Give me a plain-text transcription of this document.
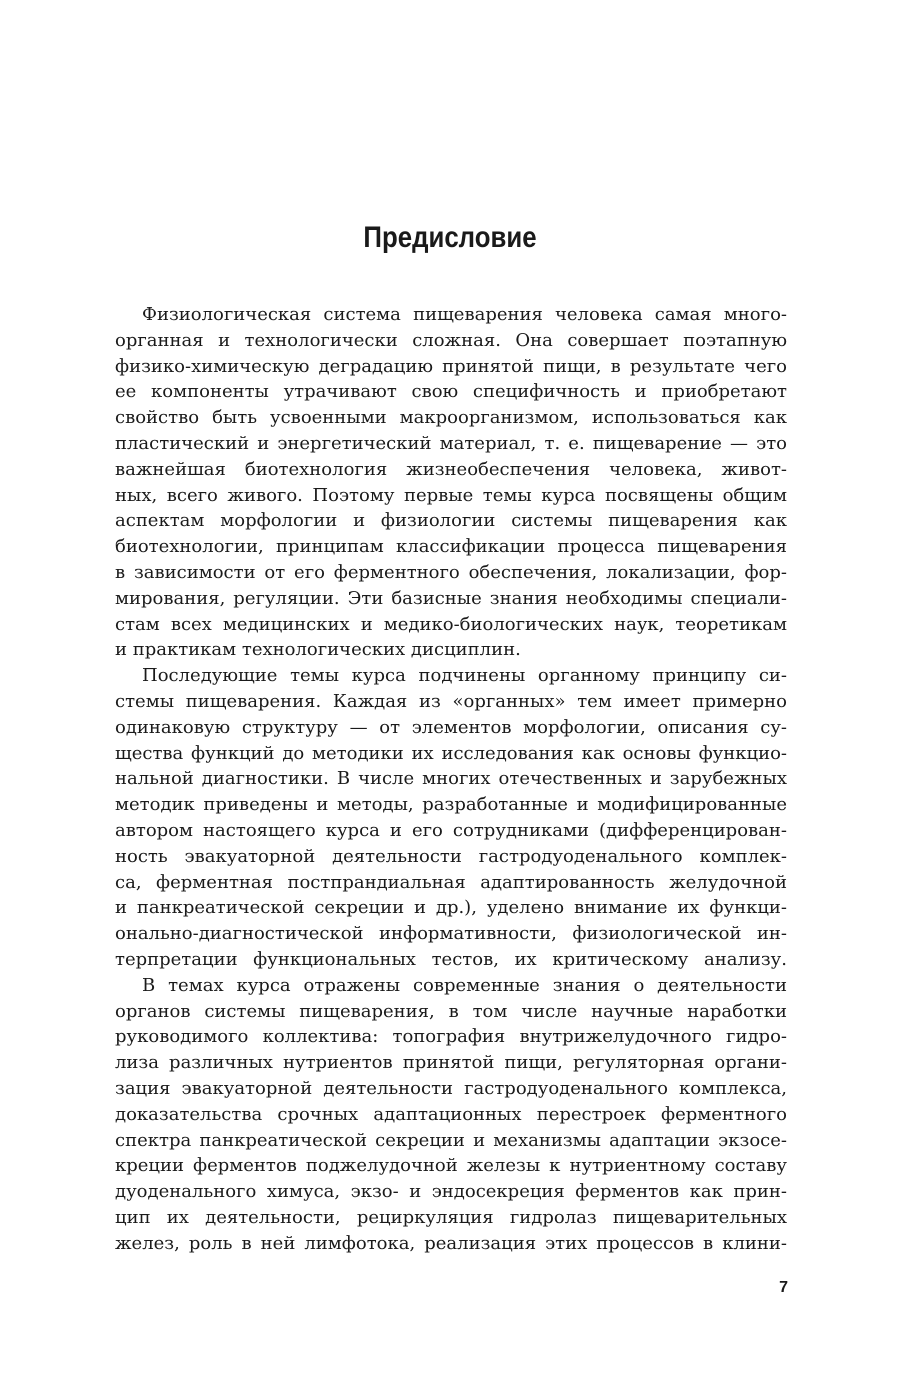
Предисловие

Физиологическая система пищеварения человека самая много-
органная и технологически сложная. Она совершает поэтапную
физико-химическую деградацию принятой пищи, в результате чего
ее компоненты утрачивают свою специфичность и приобретают
свойство быть усвоенными макроорганизмом, использоваться как
пластический и энергетический материал, т. е. пищеварение — это
важнейшая биотехнология жизнеобеспечения человека, живот-
ных, всего живого. Поэтому первые темы курса посвящены общим
аспектам морфологии и физиологии системы пищеварения как
биотехнологии, принципам классификации процесса пищеварения
в зависимости от его ферментного обеспечения, локализации, фор-
мирования, регуляции. Эти базисные знания необходимы специали-
стам всех медицинских и медико-биологических наук, теоретикам
и практикам технологических дисциплин.

Последующие темы курса подчинены органному принципу си-
стемы пищеварения. Каждая из «органных» тем имеет примерно
одинаковую структуру — от элементов морфологии, описания су-
щества функций до методики их исследования как основы функцио-
нальной диагностики. В числе многих отечественных и зарубежных
методик приведены и методы, разработанные и модифицированные
автором настоящего курса и его сотрудниками (дифференцирован-
ность эвакуаторной деятельности гастродуоденального комплек-
са, ферментная постпрандиальная адаптированность желудочной
и панкреатической секреции и др.), уделено внимание их функци-
онально-диагностической информативности, физиологической ин-
терпретации функциональных тестов, их критическому анализу.

В темах курса отражены современные знания о деятельности
органов системы пищеварения, в том числе научные наработки
руководимого коллектива: топография внутрижелудочного гидро-
лиза различных нутриентов принятой пищи, регуляторная органи-
зация эвакуаторной деятельности гастродуоденального комплекса,
доказательства срочных адаптационных перестроек ферментного
спектра панкреатической секреции и механизмы адаптации экзосе-
креции ферментов поджелудочной железы к нутриентному составу
дуоденального химуса, экзо- и эндосекреция ферментов как прин-
цип их деятельности, рециркуляция гидролаз пищеварительных
желез, роль в ней лимфотока, реализация этих процессов в клини-

7
